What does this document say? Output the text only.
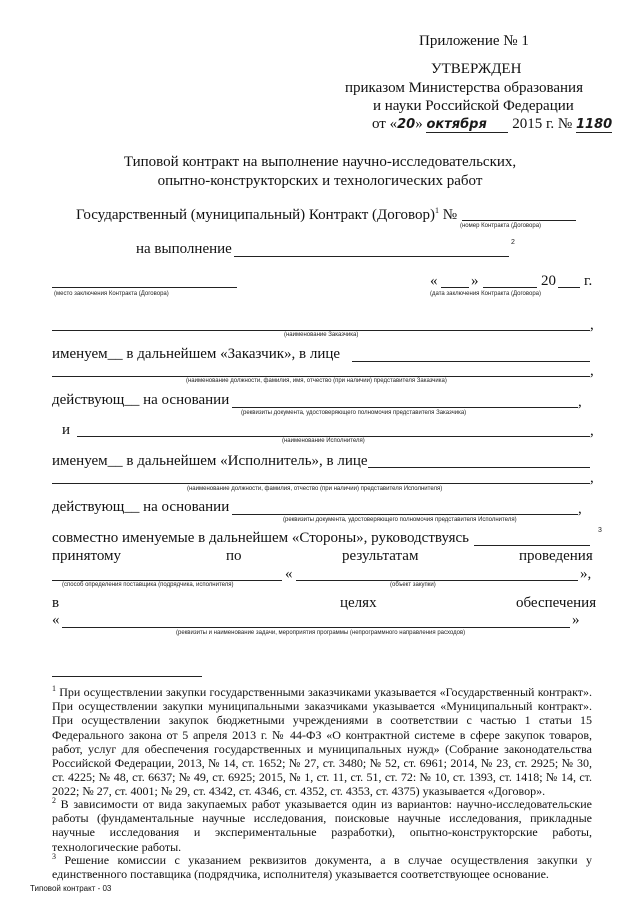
Приложение № 1
УТВЕРЖДЕН
приказом Министерства образования
и науки Российской Федерации
от «20» октября 2015 г. № 1180
Типовой контракт на выполнение научно-исследовательских,
опытно-конструкторских и технологических работ
Государственный (муниципальный) Контракт (Договор)$^1$ №
(номер Контракта (Договора)
на выполнение	2
(место заключения Контракта (Договора)
« »	20 г.
(дата заключения Контракта (Договора)
,
(наименование Заказчика)
именуем__ в дальнейшем «Заказчик», в лице
,
(наименование должности, фамилия, имя, отчество (при наличии) представителя Заказчика)
действующ__ на основании	,
(реквизиты документа, удостоверяющего полномочия представителя Заказчика)
и	,
(наименование Исполнителя)
именуем__ в дальнейшем «Исполнитель», в лице
,
(наименование должности, фамилия, отчество (при наличии) представителя Исполнителя)
действующ__ на основании	,
(реквизиты документа, удостоверяющего полномочия представителя Исполнителя)
совместно именуемые в дальнейшем «Стороны», руководствуясь	3
принятому	по	результатам	проведения
(способ определения поставщика (подрядчика, исполнителя)
«	»,
(объект закупки)
в	целях	обеспечения
«	»
(реквизиты и наименование задачи, мероприятия программы (непрограммного направления расходов)
$^1$ При осуществлении закупки государственными заказчиками указывается «Государственный контракт». При осуществлении закупки муниципальными заказчиками указывается «Муниципальный контракт». При осуществлении закупок бюджетными учреждениями в соответствии с частью 1 статьи 15 Федерального закона от 5 апреля 2013 г. № 44-ФЗ «О контрактной системе в сфере закупок товаров, работ, услуг для обеспечения государственных и муниципальных нужд» (Собрание законодательства Российской Федерации, 2013, № 14, ст. 1652; № 27, ст. 3480; № 52, ст. 6961; 2014, № 23, ст. 2925; № 30, ст. 4225; № 48, ст. 6637; № 49, ст. 6925; 2015, № 1, ст. 11, ст. 51, ст. 72: № 10, ст. 1393, ст. 1418; № 14, ст. 2022; № 27, ст. 4001; № 29, ст. 4342, ст. 4346, ст. 4352, ст. 4353, ст. 4375) указывается «Договор».
$^2$ В зависимости от вида закупаемых работ указывается один из вариантов: научно-исследовательские работы (фундаментальные научные исследования, поисковые научные исследования, прикладные научные исследования и экспериментальные разработки), опытно-конструкторские работы, технологические работы.
$^3$ Решение комиссии с указанием реквизитов документа, а в случае осуществления закупки у единственного поставщика (подрядчика, исполнителя) указывается соответствующее основание.
Типовой контракт - 03
